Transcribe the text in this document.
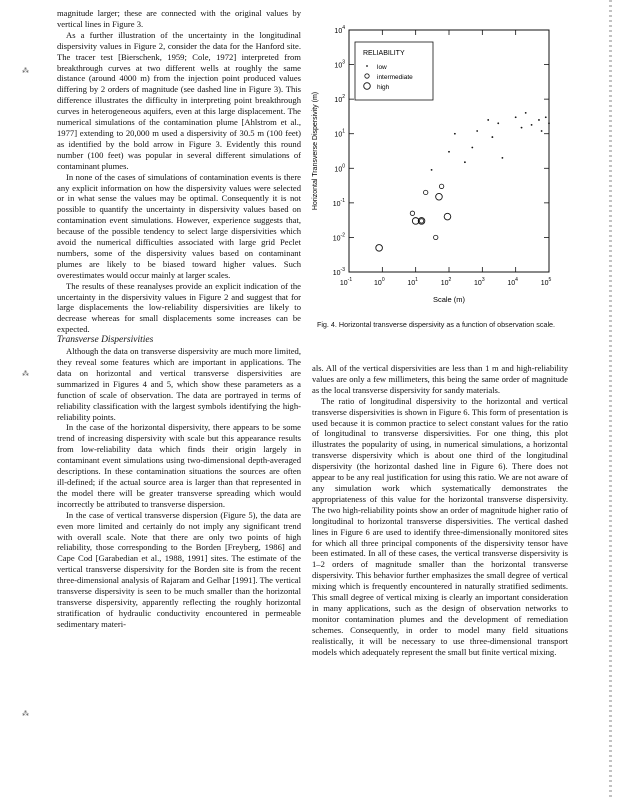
⁂
⁂
⁂

magnitude larger; these are connected with the original values by vertical lines in Figure 3.

As a further illustration of the uncertainty in the longitudinal dispersivity values in Figure 2, consider the data for the Hanford site. The tracer test [Bierschenk, 1959; Cole, 1972] interpreted from breakthrough curves at two different wells at roughly the same distance (around 4000 m) from the injection point produced values differing by 2 orders of magnitude (see dashed line in Figure 3). This difference illustrates the difficulty in interpreting point breakthrough curves in heterogeneous aquifers, even at this large displacement. The numerical simulations of the contamination plume [Ahlstrom et al., 1977] extending to 20,000 m used a dispersivity of 30.5 m (100 feet) as identified by the bold arrow in Figure 3. Evidently this round number (100 feet) was popular in several different simulations of contaminant plumes.

In none of the cases of simulations of contamination events is there any explicit information on how the dispersivity values were selected or in what sense the values may be optimal. Consequently it is not possible to quantify the uncertainty in dispersivity values based on contamination event simulations. However, experience suggests that, because of the possible tendency to select large dispersivities which avoid the numerical difficulties associated with large grid Peclet numbers, some of the dispersivity values based on contaminant plumes are likely to be biased toward higher values. Such overestimates would occur mainly at larger scales.

The results of these reanalyses provide an explicit indication of the uncertainty in the dispersivity values in Figure 2 and suggest that for large displacements the low-reliability dispersivities are likely to decrease whereas for small displacements some increases can be expected.

Transverse Dispersivities

Although the data on transverse dispersivity are much more limited, they reveal some features which are important in applications. The data on horizontal and vertical transverse dispersivities are summarized in Figures 4 and 5, which show these parameters as a function of scale of observation. The data are portrayed in terms of reliability classification with the largest symbols identifying the high-reliability points.

In the case of the horizontal dispersivity, there appears to be some trend of increasing dispersivity with scale but this appearance results from low-reliability data which finds their origin largely in contaminant event simulations using two-dimensional depth-averaged descriptions. In these contamination situations the sources are often ill-defined; if the actual source area is larger than that represented in the model there will be greater transverse spreading which would incorrectly be attributed to transverse dispersion.

In the case of vertical transverse dispersion (Figure 5), the data are even more limited and certainly do not imply any significant trend with overall scale. Note that there are only two points of high reliability, those corresponding to the Borden [Freyberg, 1986] and Cape Cod [Garabedian et al., 1988, 1991] sites. The estimate of the vertical transverse dispersivity for the Borden site is from the recent three-dimensional analysis of Rajaram and Gelhar [1991]. The vertical transverse dispersivity is seen to be much smaller than the horizontal transverse dispersivity, apparently reflecting the roughly horizontal stratification of hydraulic conductivity encountered in permeable sedimentary materi-

$10^{-3}$
$10^{-2}$
$10^{-1}$
$10^0$
$10^1$
$10^2$
$10^3$
$10^4$
$10^{-1}$	$10^0$	$10^1$	$10^2$	$10^3$	$10^4$	$10^5$
RELIABILITY
low
intermediate
high
Scale (m)
Horizontal Transverse Dispersivity (m)
Fig. 4. Horizontal transverse dispersivity as a function of observation scale.

als. All of the vertical dispersivities are less than 1 m and high-reliability values are only a few millimeters, this being the same order of magnitude as the local transverse dispersivity for sandy materials.

The ratio of longitudinal dispersivity to the horizontal and vertical transverse dispersivities is shown in Figure 6. This form of presentation is used because it is common practice to select constant values for the ratio of longitudinal to transverse dispersivities. For one thing, this plot illustrates the popularity of using, in numerical simulations, a horizontal transverse dispersivity which is about one third of the longitudinal dispersivity (the horizontal dashed line in Figure 6). There does not appear to be any real justification for using this ratio. We are not aware of any simulation work which systematically demonstrates the appropriateness of this value for the horizontal transverse dispersivity. The two high-reliability points show an order of magnitude higher ratio of longitudinal to horizontal transverse dispersivities. The vertical dashed lines in Figure 6 are used to identify three-dimensionally monitored sites for which all three principal components of the dispersivity tensor have been estimated. In all of these cases, the vertical transverse dispersivity is 1–2 orders of magnitude smaller than the horizontal transverse dispersivity. This behavior further emphasizes the small degree of vertical mixing which is frequently encountered in naturally stratified sediments. This small degree of vertical mixing is clearly an important consideration in many applications, such as the design of observation networks to monitor contamination plumes and the development of remediation schemes. Consequently, in order to model many field situations realistically, it will be necessary to use three-dimensional transport models which adequately represent the small but finite vertical mixing.
